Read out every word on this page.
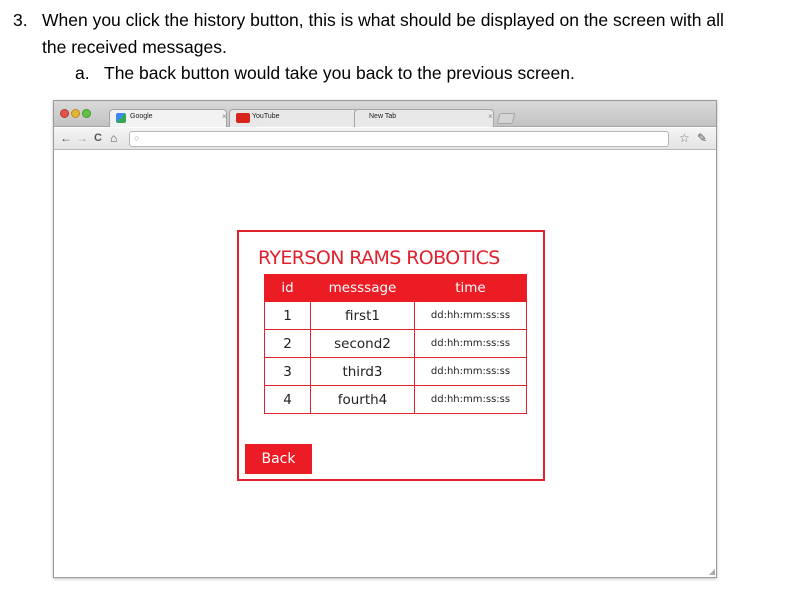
3. When you click the history button, this is what should be displayed on the screen with all
the received messages.
a. The back button would take you back to the previous screen.
Google	×	YouTube	New Tab	×
← → C ⌂ ○	☆ ✎
◢
RYERSON RAMS ROBOTICS
id	messsage	time
1	first1	dd:hh:mm:ss:ss
2	second2	dd:hh:mm:ss:ss
3	third3	dd:hh:mm:ss:ss
4	fourth4	dd:hh:mm:ss:ss
Back
